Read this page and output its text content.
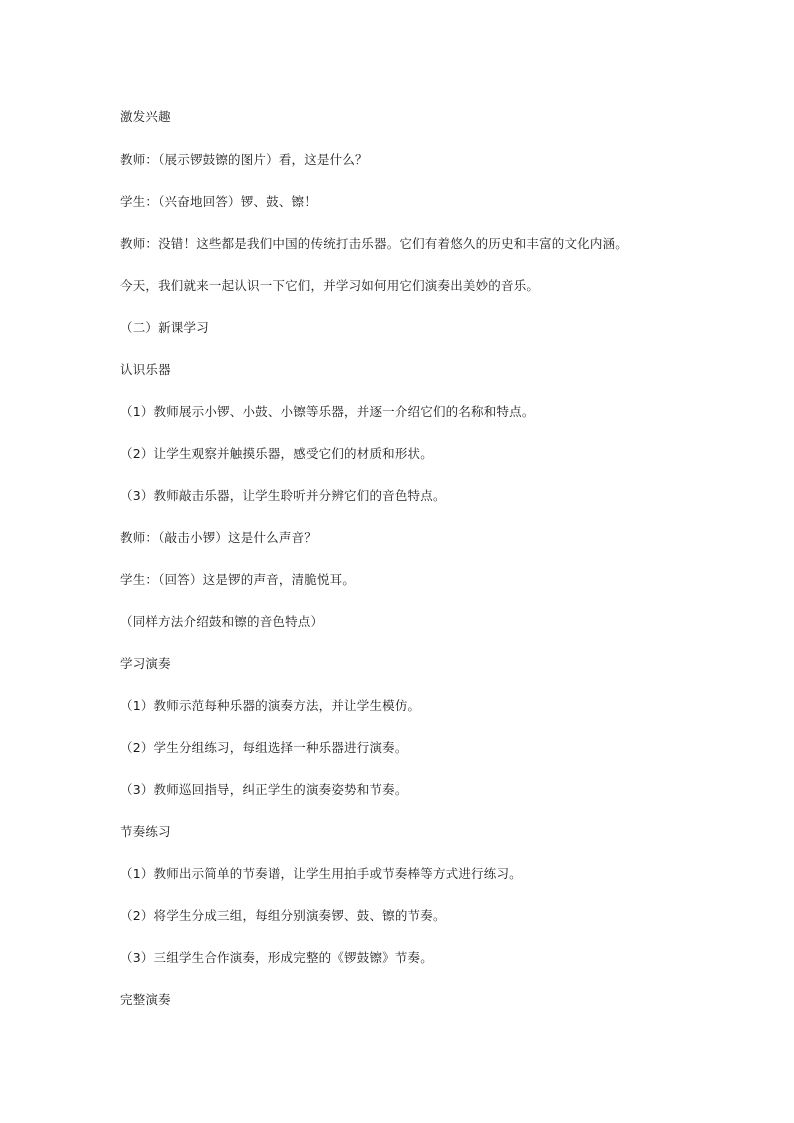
激发兴趣
教师：（展示锣鼓镲的图片）看，这是什么？
学生：（兴奋地回答）锣、鼓、镲！
教师：没错！这些都是我们中国的传统打击乐器。它们有着悠久的历史和丰富的文化内涵。
今天，我们就来一起认识一下它们，并学习如何用它们演奏出美妙的音乐。
（二）新课学习
认识乐器
（1）教师展示小锣、小鼓、小镲等乐器，并逐一介绍它们的名称和特点。
（2）让学生观察并触摸乐器，感受它们的材质和形状。
（3）教师敲击乐器，让学生聆听并分辨它们的音色特点。
教师：（敲击小锣）这是什么声音？
学生：（回答）这是锣的声音，清脆悦耳。
（同样方法介绍鼓和镲的音色特点）
学习演奏
（1）教师示范每种乐器的演奏方法，并让学生模仿。
（2）学生分组练习，每组选择一种乐器进行演奏。
（3）教师巡回指导，纠正学生的演奏姿势和节奏。
节奏练习
（1）教师出示简单的节奏谱，让学生用拍手或节奏棒等方式进行练习。
（2）将学生分成三组，每组分别演奏锣、鼓、镲的节奏。
（3）三组学生合作演奏，形成完整的《锣鼓镲》节奏。
完整演奏
